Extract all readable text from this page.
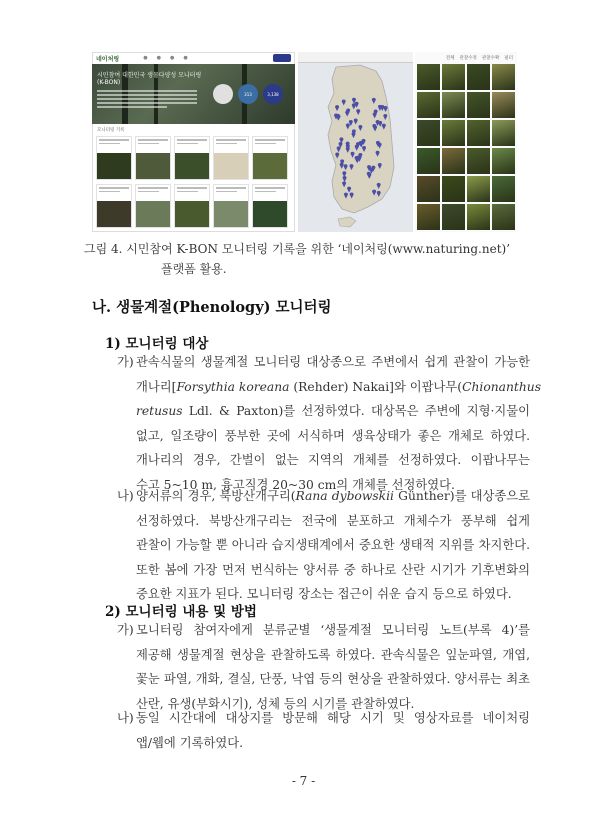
네이처링	● ● ● ●

시민참여 대한민국 생물다양성 모니터링
(K-BON)
313	3,138
모니터링 기록
전체 관찰수정 관찰수확 필터
그림 4. 시민참여 K-BON 모니터링 기록을 위한 ‘네이처링(www.naturing.net)’
플랫폼 활용.
나. 생물계절(Phenology) 모니터링
1) 모니터링 대상
가) 관속식물의 생물계절 모니터링 대상종으로 주변에서 쉽게 관찰이 가능한
개나리[Forsythia koreana (Rehder) Nakai]와 이팝나무(Chionanthus
retusus Ldl. & Paxton)를 선정하였다. 대상목은 주변에 지형·지물이
없고, 일조량이 풍부한 곳에 서식하며 생육상태가 좋은 개체로 하였다.
개나리의 경우, 간벌이 없는 지역의 개체를 선정하였다. 이팝나무는
수고 5~10 m, 흉고직경 20~30 cm의 개체를 선정하였다.
나) 양서류의 경우, 북방산개구리(Rana dybowskii Günther)를 대상종으로
선정하였다. 북방산개구리는 전국에 분포하고 개체수가 풍부해 쉽게
관찰이 가능할 뿐 아니라 습지생태계에서 중요한 생태적 지위를 차지한다.
또한 봄에 가장 먼저 번식하는 양서류 중 하나로 산란 시기가 기후변화의
중요한 지표가 된다. 모니터링 장소는 접근이 쉬운 습지 등으로 하였다.
2) 모니터링 내용 및 방법
가) 모니터링 참여자에게 분류군별 ‘생물계절 모니터링 노트(부록 4)’를
제공해 생물계절 현상을 관찰하도록 하였다. 관속식물은 잎눈파열, 개엽,
꽃눈 파열, 개화, 결실, 단풍, 낙엽 등의 현상을 관찰하였다. 양서류는 최초
산란, 유생(부화시기), 성체 등의 시기를 관찰하였다.
나) 동일 시간대에 대상지를 방문해 해당 시기 및 영상자료를 네이처링
앱/웹에 기록하였다.
- 7 -
